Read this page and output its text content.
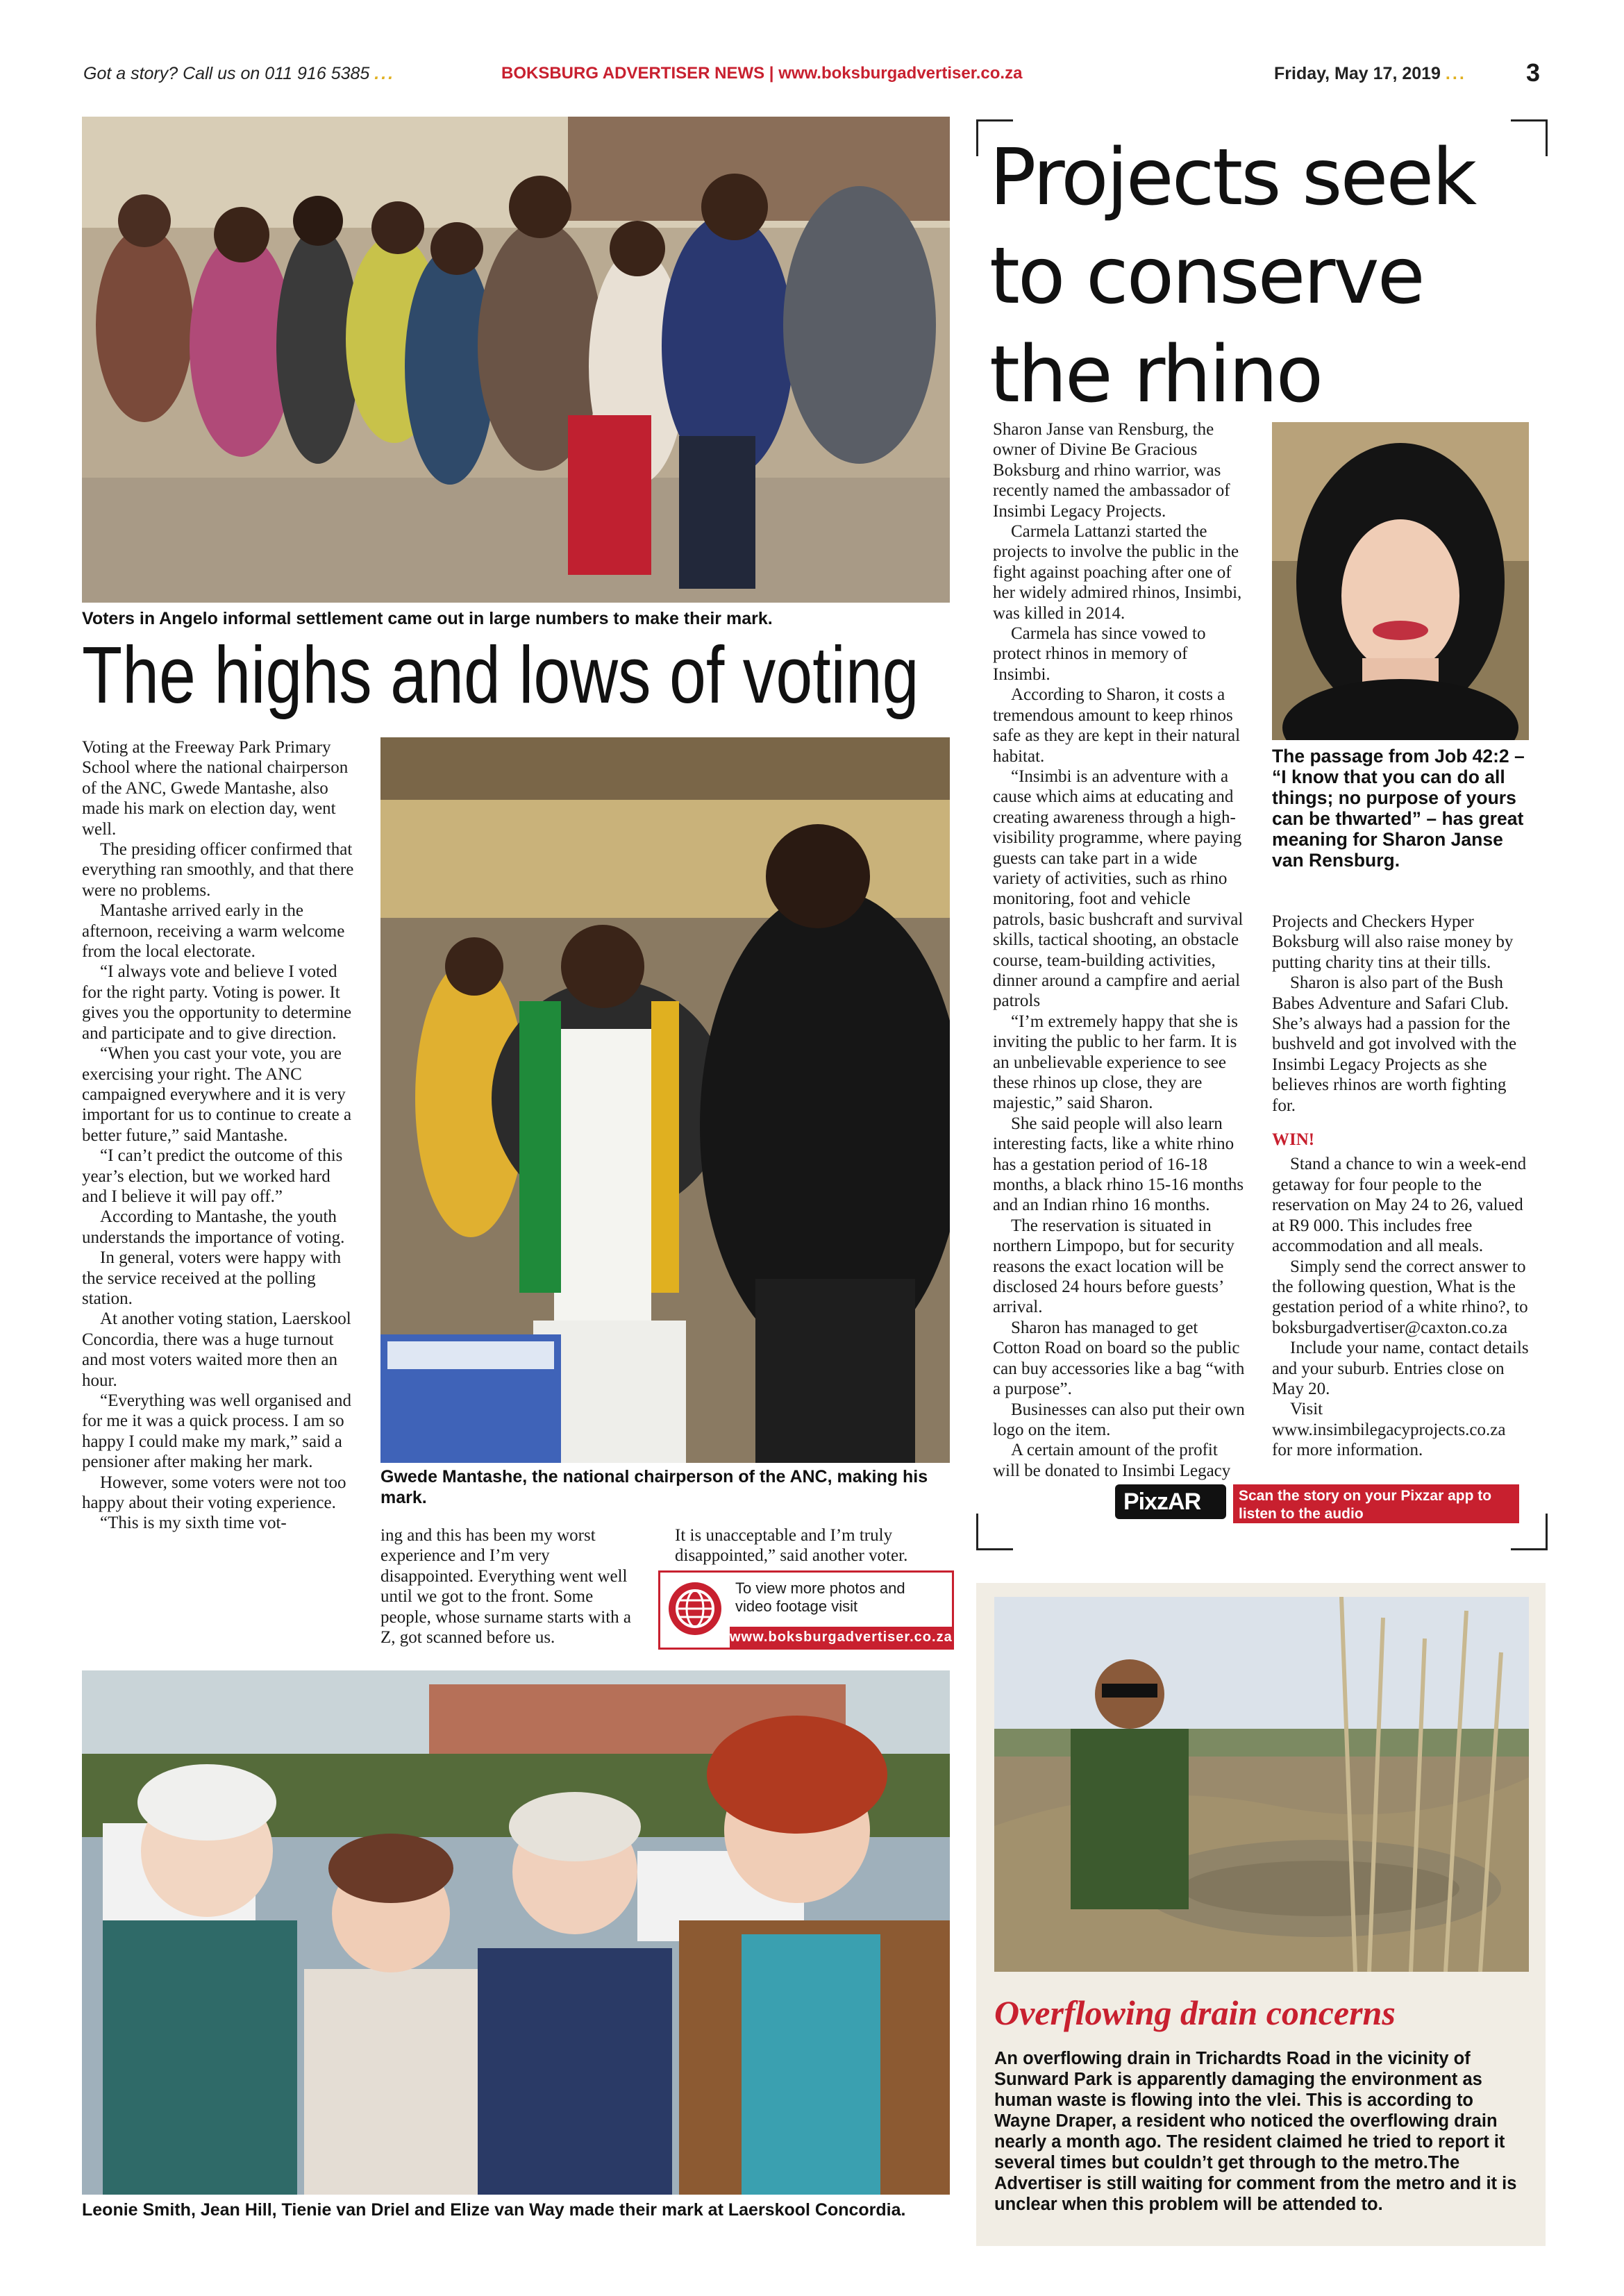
Got a story? Call us on 011 916 5385 ...	BOKSBURG ADVERTISER NEWS | www.boksburgadvertiser.co.za	Friday, May 17, 2019 ... 3
Voters in Angelo informal settlement came out in large numbers to make their mark.
The highs and lows of voting

Voting at the Freeway Park Primary School where the national chairperson of the ANC, Gwede Mantashe, also made his mark on election day, went well.

The presiding officer confirmed that everything ran smoothly, and that there were no problems.

Mantashe arrived early in the afternoon, receiving a warm welcome from the local electorate.

“I always vote and believe I voted for the right party. Voting is power. It gives you the opportunity to determine and participate and to give direction.

“When you cast your vote, you are exercising your right. The ANC campaigned everywhere and it is very important for us to continue to create a better future,” said Mantashe.

“I can’t predict the outcome of this year’s election, but we worked hard and I believe it will pay off.”

According to Mantashe, the youth understands the importance of voting.

In general, voters were happy with the service received at the polling station.

At another voting station, Laerskool Concordia, there was a huge turnout and most voters waited more then an hour.

“Everything was well organised and for me it was a quick process. I am so happy I could make my mark,” said a pensioner after making her mark.

However, some voters were not too happy about their voting experience.

“This is my sixth time vot-

Gwede Mantashe, the national chairperson of the ANC, making his mark.

ing and this has been my worst experience and I’m very disappointed. Everything went well until we got to the front. Some people, whose surname starts with a Z, got scanned before us.

It is unacceptable and I’m truly disappointed,” said another voter.

To view more photos and video footage visit
www.boksburgadvertiser.co.za
Leonie Smith, Jean Hill, Tienie van Driel and Elize van Way made their mark at Laerskool Concordia.
Projects seek to conserve the rhino

Sharon Janse van Rensburg, the owner of Divine Be Gracious Boksburg and rhino warrior, was recently named the ambassador of Insimbi Legacy Projects.

Carmela Lattanzi started the projects to involve the public in the fight against poaching after one of her widely admired rhinos, Insimbi, was killed in 2014.

Carmela has since vowed to protect rhinos in memory of Insimbi.

According to Sharon, it costs a tremendous amount to keep rhinos safe as they are kept in their natural habitat.

“Insimbi is an adventure with a cause which aims at educating and creating awareness through a high-visibility programme, where paying guests can take part in a wide variety of activities, such as rhino monitoring, foot and vehicle patrols, basic bushcraft and survival skills, tactical shooting, an obstacle course, team-building activities, dinner around a campfire and aerial patrols

“I’m extremely happy that she is inviting the public to her farm. It is an unbelievable experience to see these rhinos up close, they are majestic,” said Sharon.

She said people will also learn interesting facts, like a white rhino has a gestation period of 16-18 months, a black rhino 15-16 months and an Indian rhino 16 months.

The reservation is situated in northern Limpopo, but for security reasons the exact location will be disclosed 24 hours before guests’ arrival.

Sharon has managed to get Cotton Road on board so the public can buy accessories like a bag “with a purpose”.

Businesses can also put their own logo on the item.

A certain amount of the profit will be donated to Insimbi Legacy

The passage from Job 42:2 – “I know that you can do all things; no purpose of yours can be thwarted” – has great meaning for Sharon Janse van Rensburg.

Projects and Checkers Hyper Boksburg will also raise money by putting charity tins at their tills.

Sharon is also part of the Bush Babes Adventure and Safari Club. She’s always had a passion for the bushveld and got involved with the Insimbi Legacy Projects as she believes rhinos are worth fighting for.

WIN!

Stand a chance to win a week-end getaway for four people to the reservation on May 24 to 26, valued at R9 000. This includes free accommodation and all meals.

Simply send the correct answer to the following question, What is the gestation period of a white rhino?, to boksburgadvertiser@caxton.co.za

Include your name, contact details and your suburb. Entries close on May 20.

Visit www.insimbilegacyprojects.co.za for more information.

PixzAR	Scan the story on your Pixzar app to listen to the audio
Overflowing drain concerns
An overflowing drain in Trichardts Road in the vicinity of Sunward Park is apparently damaging the environment as human waste is flowing into the vlei. This is according to Wayne Draper, a resident who noticed the overflowing drain nearly a month ago. The resident claimed he tried to report it several times but couldn’t get through to the metro.The Advertiser is still waiting for comment from the metro and it is unclear when this problem will be attended to.
